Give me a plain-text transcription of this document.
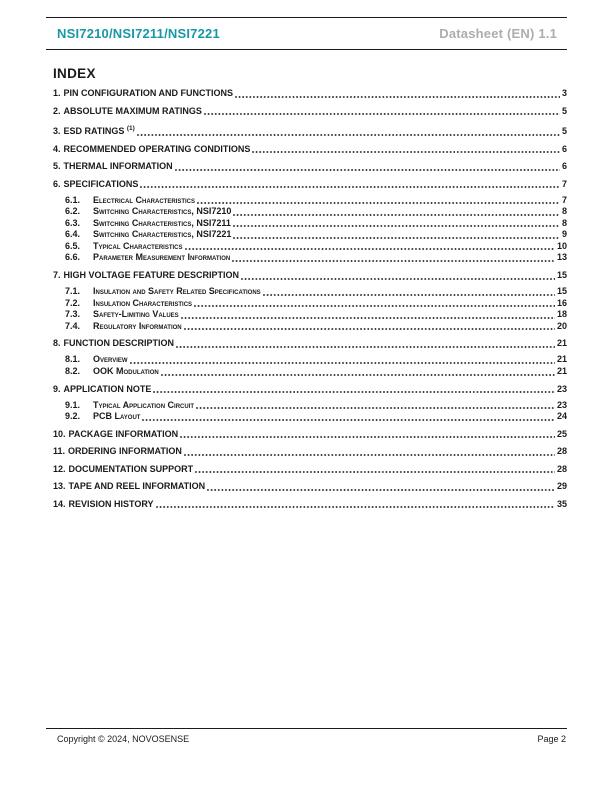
NSI7210/NSI7211/NSI7221	Datasheet (EN) 1.1
INDEX
1. PIN CONFIGURATION AND FUNCTIONS	3
2. ABSOLUTE MAXIMUM RATINGS	5
3. ESD RATINGS $^{(1)}$	5
4. RECOMMENDED OPERATING CONDITIONS	6
5. THERMAL INFORMATION	6
6. SPECIFICATIONS	7
6.1.	Electrical Characteristics	7
6.2.	Switching Characteristics, NSI7210	8
6.3.	Switching Characteristics, NSI7211	8
6.4.	Switching Characteristics, NSI7221	9
6.5.	Typical Characteristics	10
6.6.	Parameter Measurement Information	13
7. HIGH VOLTAGE FEATURE DESCRIPTION	15
7.1.	Insulation and Safety Related Specifications	15
7.2.	Insulation Characteristics	16
7.3.	Safety-Limiting Values	18
7.4.	Regulatory Information	20
8. FUNCTION DESCRIPTION	21
8.1.	Overview	21
8.2.	OOK Modulation	21
9. APPLICATION NOTE	23
9.1.	Typical Application Circuit	23
9.2.	PCB Layout	24
10. PACKAGE INFORMATION	25
11. ORDERING INFORMATION	28
12. DOCUMENTATION SUPPORT	28
13. TAPE AND REEL INFORMATION	29
14. REVISION HISTORY	35
Copyright © 2024, NOVOSENSE	Page 2
